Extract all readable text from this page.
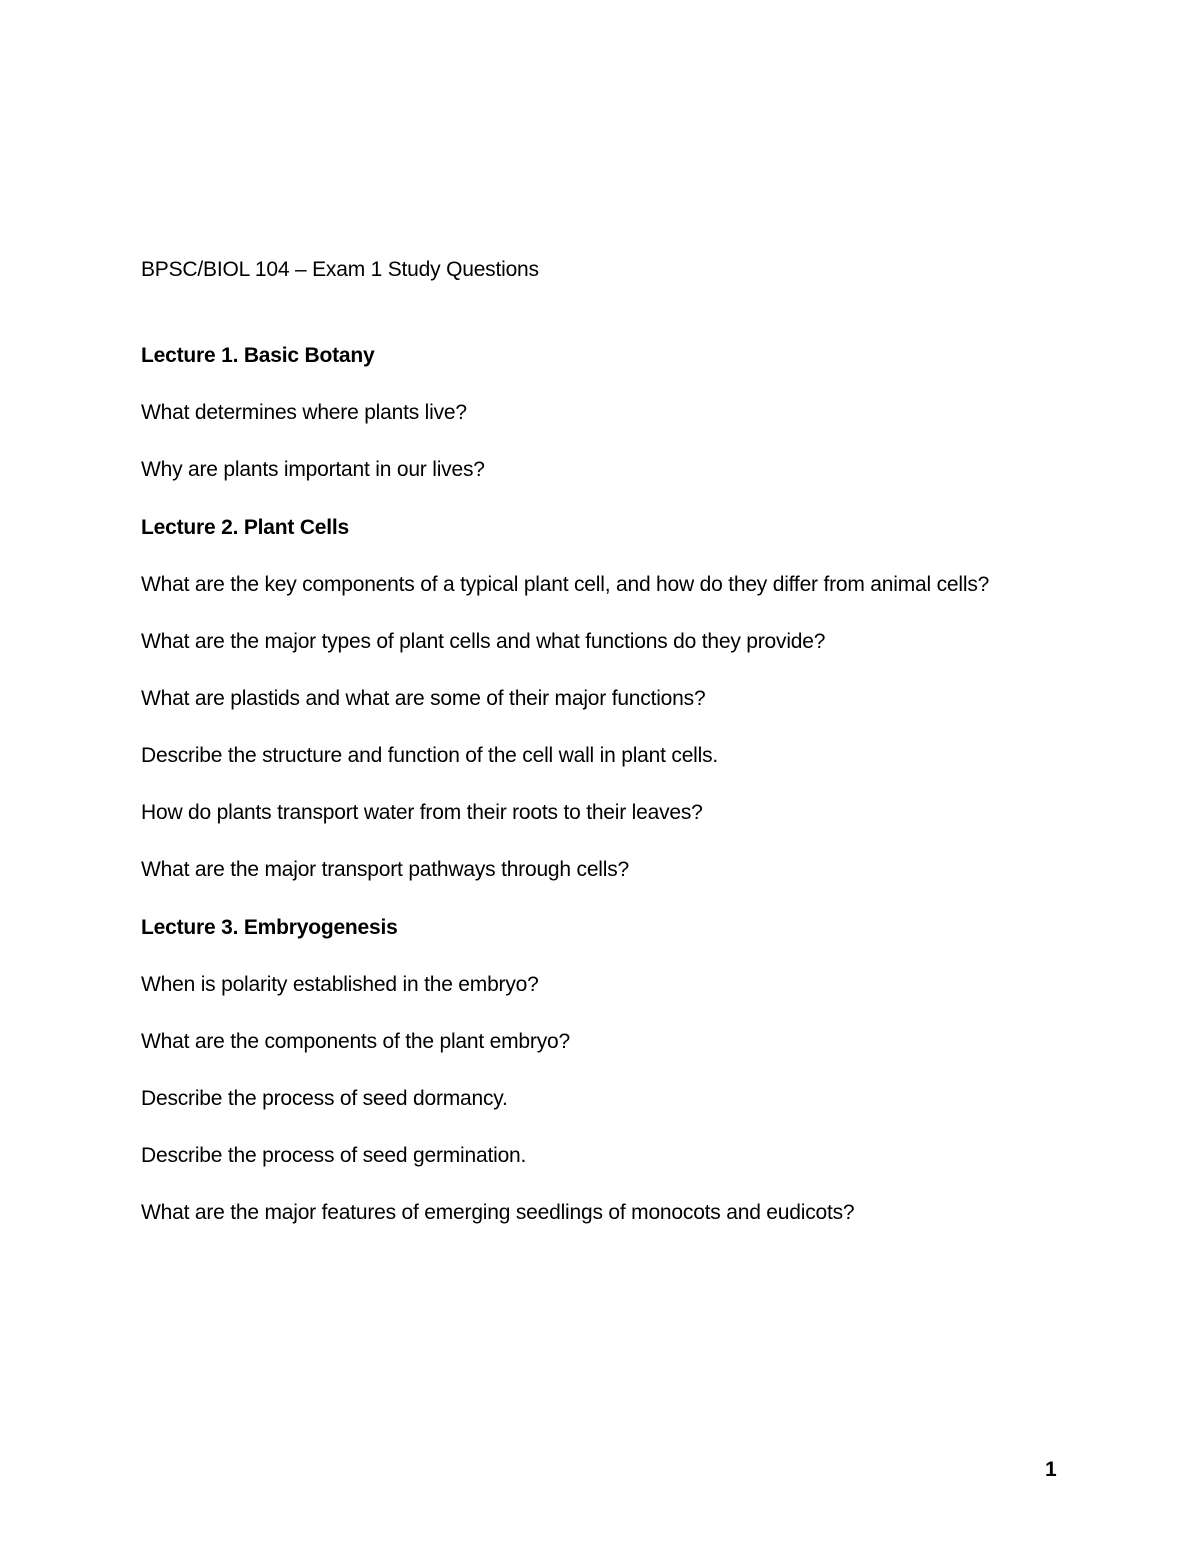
BPSC/BIOL 104 – Exam 1 Study Questions
Lecture 1. Basic Botany
What determines where plants live?
Why are plants important in our lives?
Lecture 2. Plant Cells
What are the key components of a typical plant cell, and how do they differ from animal cells?
What are the major types of plant cells and what functions do they provide?
What are plastids and what are some of their major functions?
Describe the structure and function of the cell wall in plant cells.
How do plants transport water from their roots to their leaves?
What are the major transport pathways through cells?
Lecture 3. Embryogenesis
When is polarity established in the embryo?
What are the components of the plant embryo?
Describe the process of seed dormancy.
Describe the process of seed germination.
What are the major features of emerging seedlings of monocots and eudicots?
1
